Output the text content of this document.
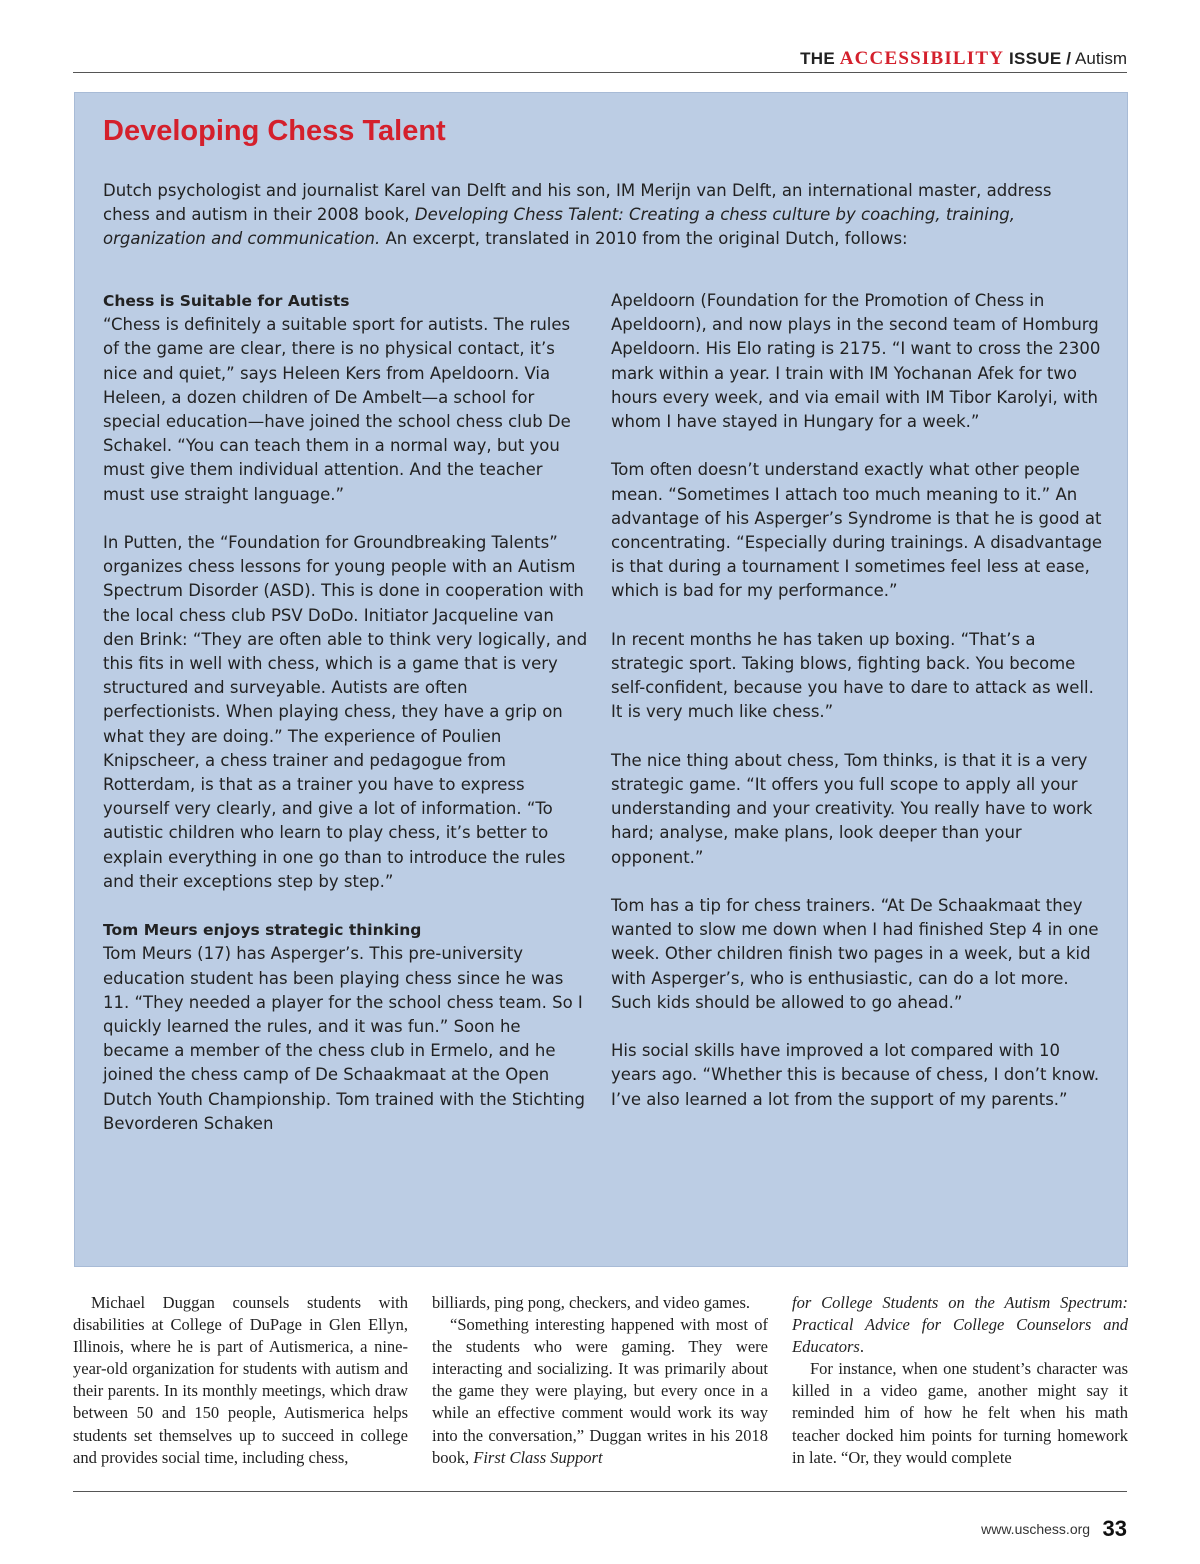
THE ACCESSIBILITY ISSUE / Autism
Developing Chess Talent
Dutch psychologist and journalist Karel van Delft and his son, IM Merijn van Delft, an international master, address chess and autism in their 2008 book, Developing Chess Talent: Creating a chess culture by coaching, training, organization and communication. An excerpt, translated in 2010 from the original Dutch, follows:

Chess is Suitable for Autists
“Chess is definitely a suitable sport for autists. The rules of the game are clear, there is no physical contact, it’s nice and quiet,” says Heleen Kers from Apeldoorn. Via Heleen, a dozen children of De Ambelt—a school for special education—have joined the school chess club De Schakel. “You can teach them in a normal way, but you must give them individual attention. And the teacher must use straight language.”

In Putten, the “Foundation for Groundbreaking Talents” organizes chess lessons for young people with an Autism Spectrum Disorder (ASD). This is done in cooperation with the local chess club PSV DoDo. Initiator Jacqueline van den Brink: “They are often able to think very logically, and this fits in well with chess, which is a game that is very structured and surveyable. Autists are often perfectionists. When playing chess, they have a grip on what they are doing.” The experience of Poulien Knipscheer, a chess trainer and pedagogue from Rotterdam, is that as a trainer you have to express yourself very clearly, and give a lot of information. “To autistic children who learn to play chess, it’s better to explain everything in one go than to introduce the rules and their exceptions step by step.”

Tom Meurs enjoys strategic thinking
Tom Meurs (17) has Asperger’s. This pre-university education student has been playing chess since he was 11. “They needed a player for the school chess team. So I quickly learned the rules, and it was fun.” Soon he became a member of the chess club in Ermelo, and he joined the chess camp of De Schaakmaat at the Open Dutch Youth Championship. Tom trained with the Stichting Bevorderen Schaken

Apeldoorn (Foundation for the Promotion of Chess in Apeldoorn), and now plays in the second team of Homburg Apeldoorn. His Elo rating is 2175. “I want to cross the 2300 mark within a year. I train with IM Yochanan Afek for two hours every week, and via email with IM Tibor Karolyi, with whom I have stayed in Hungary for a week.”

Tom often doesn’t understand exactly what other people mean. “Sometimes I attach too much meaning to it.” An advantage of his Asperger’s Syndrome is that he is good at concentrating. “Especially during trainings. A disadvantage is that during a tournament I sometimes feel less at ease, which is bad for my performance.”

In recent months he has taken up boxing. “That’s a strategic sport. Taking blows, fighting back. You become self-confident, because you have to dare to attack as well. It is very much like chess.”

The nice thing about chess, Tom thinks, is that it is a very strategic game. “It offers you full scope to apply all your understanding and your creativity. You really have to work hard; analyse, make plans, look deeper than your opponent.”

Tom has a tip for chess trainers. “At De Schaakmaat they wanted to slow me down when I had finished Step 4 in one week. Other children finish two pages in a week, but a kid with Asperger’s, who is enthusiastic, can do a lot more. Such kids should be allowed to go ahead.”

His social skills have improved a lot compared with 10 years ago. “Whether this is because of chess, I don’t know. I’ve also learned a lot from the support of my parents.”

Michael Duggan counsels students with disabilities at College of DuPage in Glen Ellyn, Illinois, where he is part of Autismerica, a nine-year-old organization for students with autism and their parents. In its monthly meetings, which draw between 50 and 150 people, Autismerica helps students set themselves up to succeed in college and provides social time, including chess,

billiards, ping pong, checkers, and video games.

“Something interesting happened with most of the students who were gaming. They were interacting and socializing. It was primarily about the game they were playing, but every once in a while an effective comment would work its way into the conversation,” Duggan writes in his 2018 book, First Class Support

for College Students on the Autism Spectrum: Practical Advice for College Counselors and Educators.

For instance, when one student’s character was killed in a video game, another might say it reminded him of how he felt when his math teacher docked him points for turning homework in late. “Or, they would complete

www.uschess.org 33
